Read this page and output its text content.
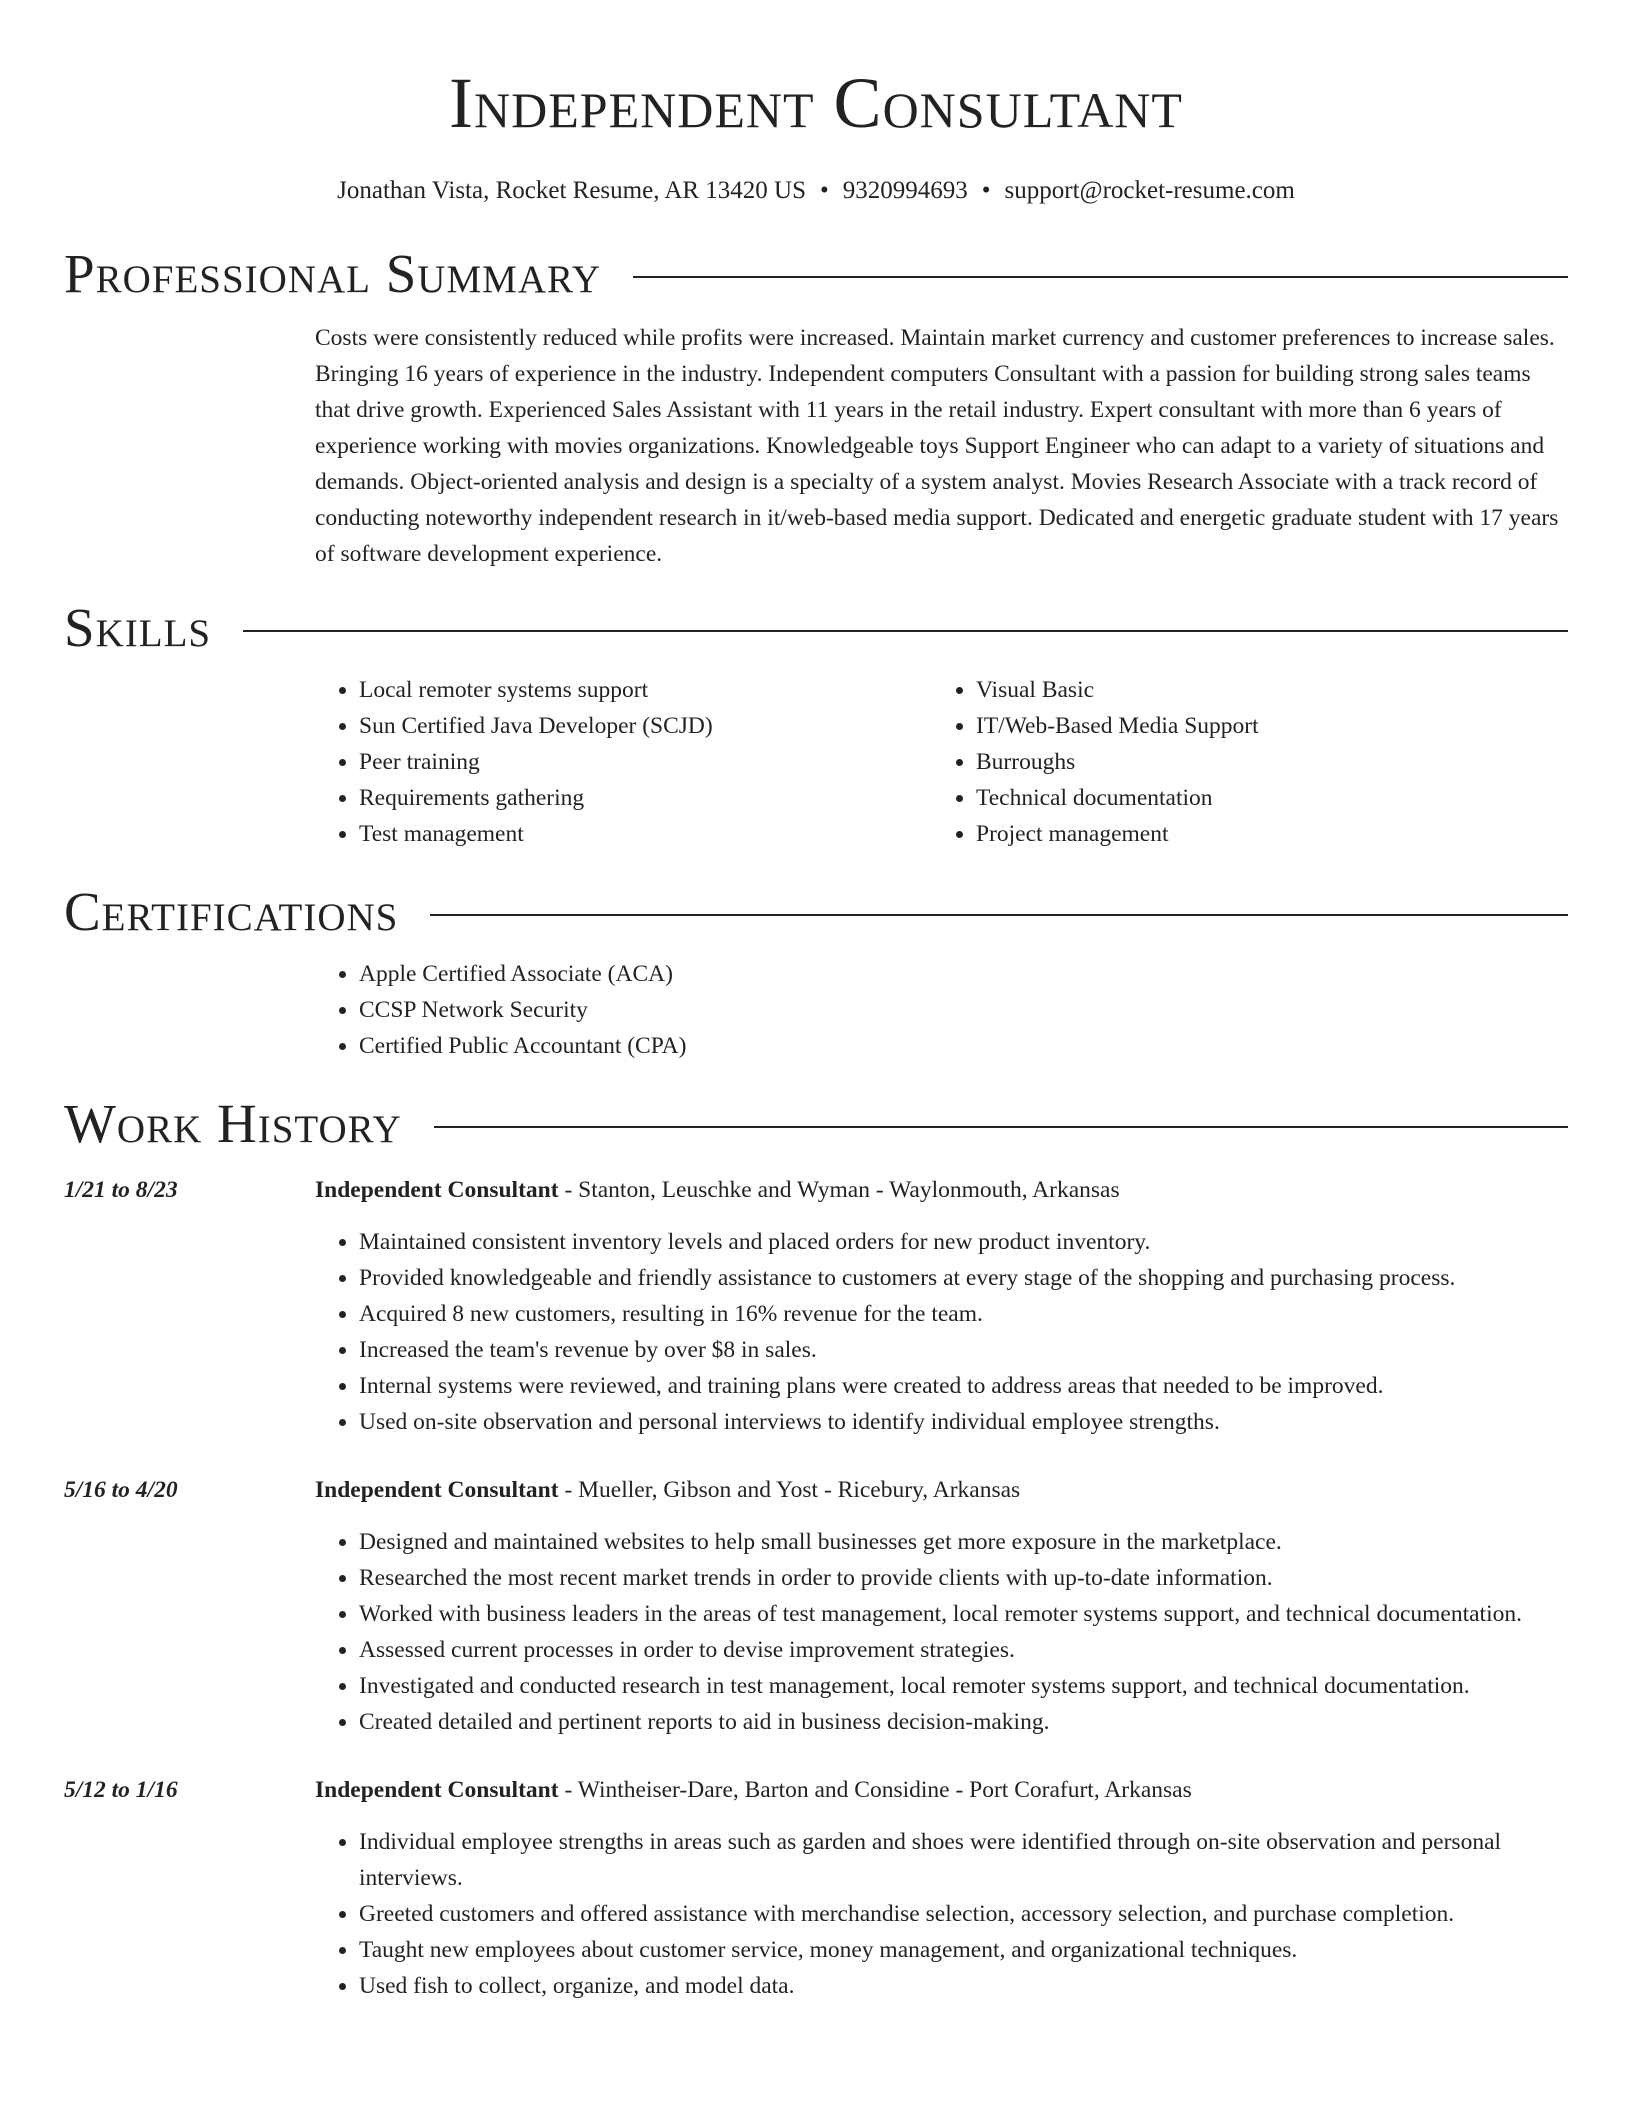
Independent Consultant
Jonathan Vista, Rocket Resume, AR 13420 US • 9320994693 • support@rocket-resume.com
Professional Summary

Costs were consistently reduced while profits were increased. Maintain market currency and customer preferences to increase sales. Bringing 16 years of experience in the industry. Independent computers Consultant with a passion for building strong sales teams that drive growth. Experienced Sales Assistant with 11 years in the retail industry. Expert consultant with more than 6 years of experience working with movies organizations. Knowledgeable toys Support Engineer who can adapt to a variety of situations and demands. Object-oriented analysis and design is a specialty of a system analyst. Movies Research Associate with a track record of conducting noteworthy independent research in it/web-based media support. Dedicated and energetic graduate student with 17 years of software development experience.

Skills
• Local remoter systems support
• Sun Certified Java Developer (SCJD)
• Peer training
• Requirements gathering
• Test management
• Visual Basic
• IT/Web-Based Media Support
• Burroughs
• Technical documentation
• Project management
Certifications
• Apple Certified Associate (ACA)
• CCSP Network Security
• Certified Public Accountant (CPA)
Work History
1/21 to 8/23	Independent Consultant - Stanton, Leuschke and Wyman - Waylonmouth, Arkansas
• Maintained consistent inventory levels and placed orders for new product inventory.
• Provided knowledgeable and friendly assistance to customers at every stage of the shopping and purchasing process.
• Acquired 8 new customers, resulting in 16% revenue for the team.
• Increased the team's revenue by over $8 in sales.
• Internal systems were reviewed, and training plans were created to address areas that needed to be improved.
• Used on-site observation and personal interviews to identify individual employee strengths.
5/16 to 4/20	Independent Consultant - Mueller, Gibson and Yost - Ricebury, Arkansas
• Designed and maintained websites to help small businesses get more exposure in the marketplace.
• Researched the most recent market trends in order to provide clients with up-to-date information.
• Worked with business leaders in the areas of test management, local remoter systems support, and technical documentation.
• Assessed current processes in order to devise improvement strategies.
• Investigated and conducted research in test management, local remoter systems support, and technical documentation.
• Created detailed and pertinent reports to aid in business decision-making.
5/12 to 1/16	Independent Consultant - Wintheiser-Dare, Barton and Considine - Port Corafurt, Arkansas
• Individual employee strengths in areas such as garden and shoes were identified through on-site observation and personal interviews.
• Greeted customers and offered assistance with merchandise selection, accessory selection, and purchase completion.
• Taught new employees about customer service, money management, and organizational techniques.
• Used fish to collect, organize, and model data.
